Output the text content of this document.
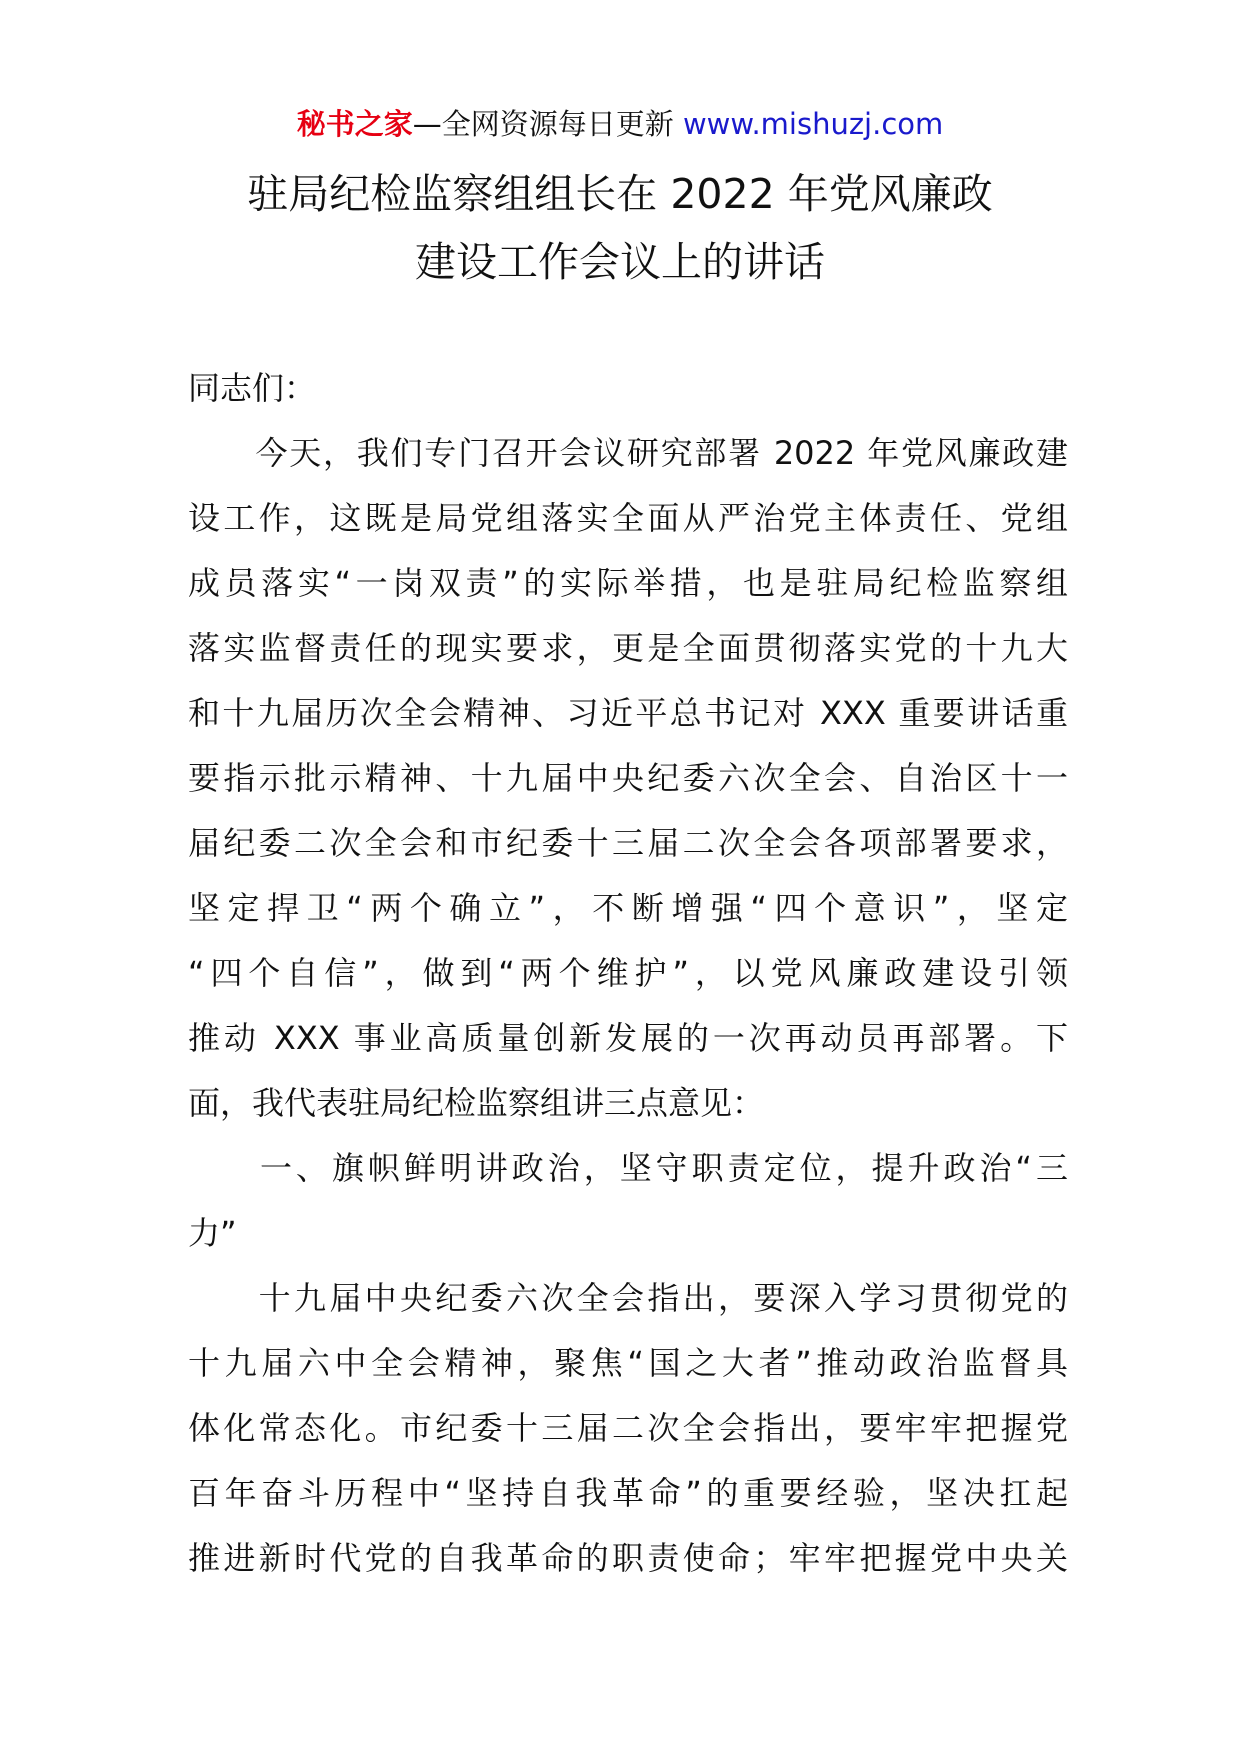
秘书之家—全网资源每日更新 www.mishuzj.com
驻局纪检监察组组长在 2022 年党风廉政
建设工作会议上的讲话
同志们：
　　今天，我们专门召开会议研究部署 2022 年党风廉政建
设工作，这既是局党组落实全面从严治党主体责任、党组
成员落实“一岗双责”的实际举措，也是驻局纪检监察组
落实监督责任的现实要求，更是全面贯彻落实党的十九大
和十九届历次全会精神、习近平总书记对 XXX 重要讲话重
要指示批示精神、十九届中央纪委六次全会、自治区十一
届纪委二次全会和市纪委十三届二次全会各项部署要求，
坚定捍卫“两个确立”，不断增强“四个意识”，坚定
“四个自信”，做到“两个维护”，以党风廉政建设引领
推动 XXX 事业高质量创新发展的一次再动员再部署。下
面，我代表驻局纪检监察组讲三点意见：
　　一、旗帜鲜明讲政治，坚守职责定位，提升政治“三
力”
　　十九届中央纪委六次全会指出，要深入学习贯彻党的
十九届六中全会精神，聚焦“国之大者”推动政治监督具
体化常态化。市纪委十三届二次全会指出，要牢牢把握党
百年奋斗历程中“坚持自我革命”的重要经验，坚决扛起
推进新时代党的自我革命的职责使命；牢牢把握党中央关
